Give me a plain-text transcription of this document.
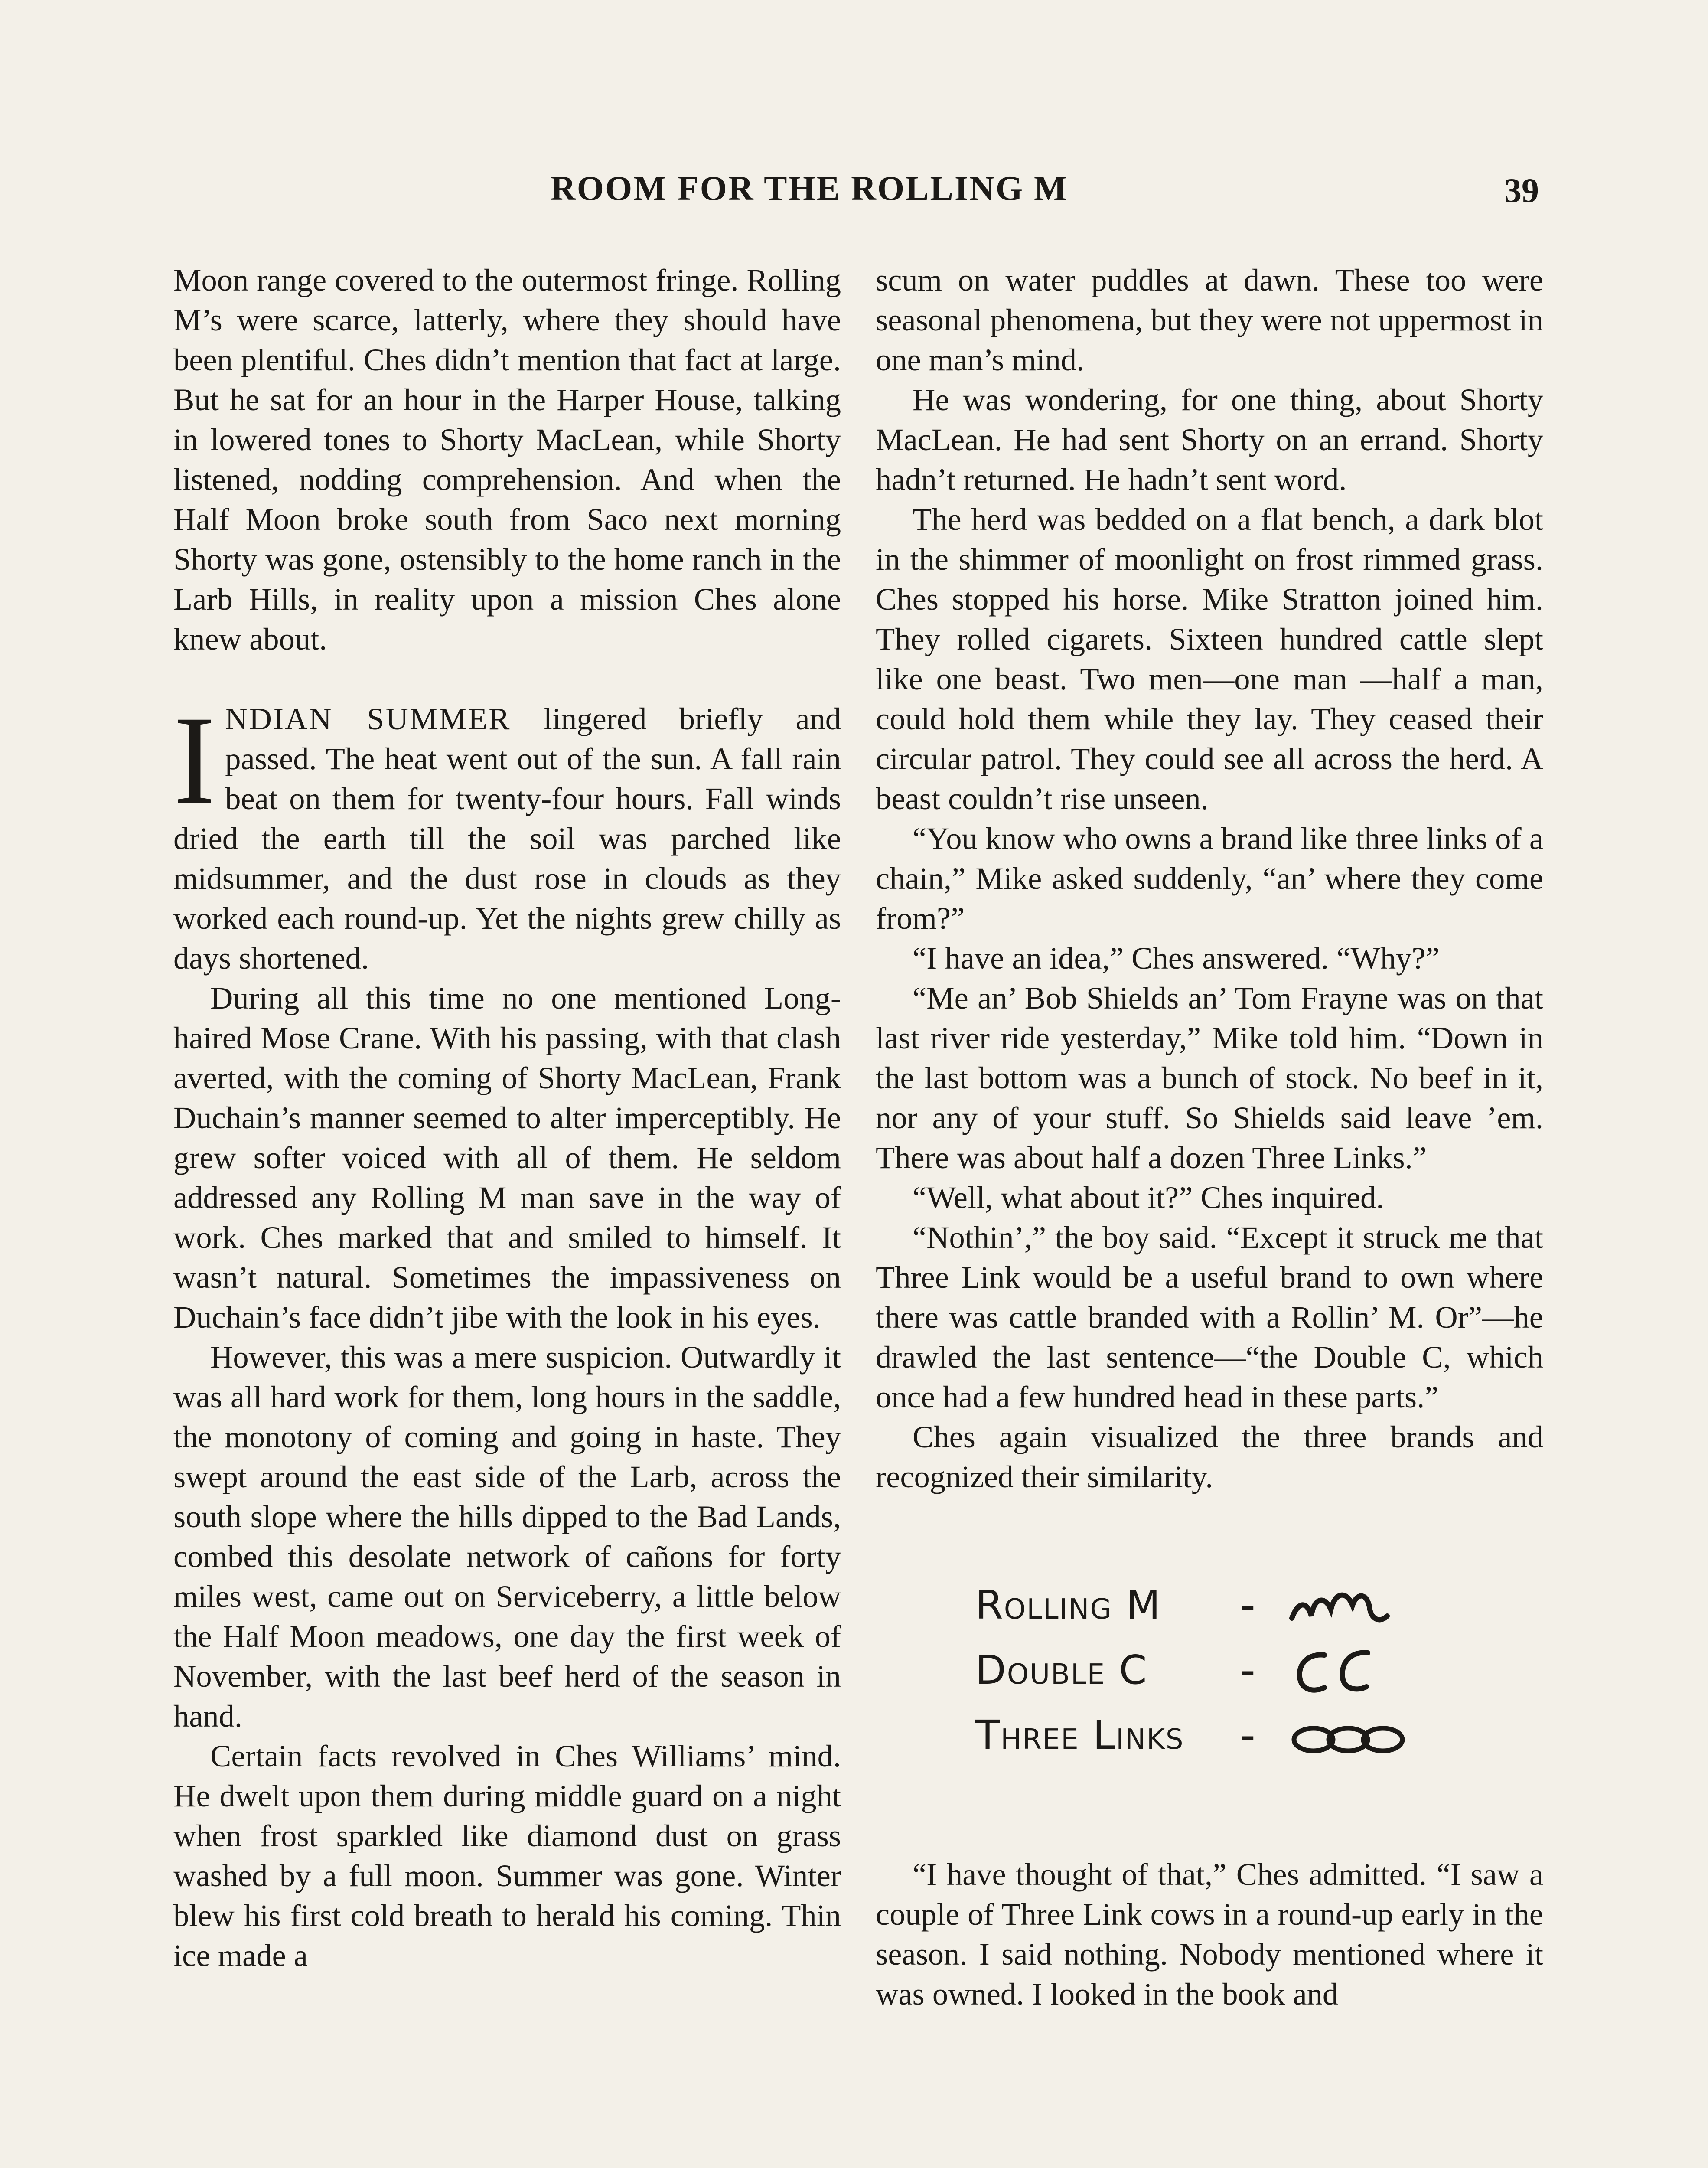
ROOM FOR THE ROLLING M	39

Moon range covered to the outermost fringe. Rolling M’s were scarce, latterly, where they should have been plentiful. Ches didn’t mention that fact at large. But he sat for an hour in the Harper House, talking in lowered tones to Shorty MacLean, while Shorty listened, nodding comprehension. And when the Half Moon broke south from Saco next morning Shorty was gone, ostensibly to the home ranch in the Larb Hills, in reality upon a mission Ches alone knew about.

INDIAN SUMMER lingered briefly and passed. The heat went out of the sun. A fall rain beat on them for twenty-four hours. Fall winds dried the earth till the soil was parched like midsummer, and the dust rose in clouds as they worked each round-up. Yet the nights grew chilly as days shortened.

During all this time no one mentioned Long-haired Mose Crane. With his passing, with that clash averted, with the coming of Shorty MacLean, Frank Duchain’s manner seemed to alter imperceptibly. He grew softer voiced with all of them. He seldom addressed any Rolling M man save in the way of work. Ches marked that and smiled to himself. It wasn’t natural. Sometimes the impassiveness on Duchain’s face didn’t jibe with the look in his eyes.

However, this was a mere suspicion. Outwardly it was all hard work for them, long hours in the saddle, the monotony of coming and going in haste. They swept around the east side of the Larb, across the south slope where the hills dipped to the Bad Lands, combed this desolate network of cañons for forty miles west, came out on Serviceberry, a little below the Half Moon meadows, one day the first week of November, with the last beef herd of the season in hand.

Certain facts revolved in Ches Williams’ mind. He dwelt upon them during middle guard on a night when frost sparkled like diamond dust on grass washed by a full moon. Summer was gone. Winter blew his first cold breath to herald his coming. Thin ice made a

scum on water puddles at dawn. These too were seasonal phenomena, but they were not uppermost in one man’s mind.

He was wondering, for one thing, about Shorty MacLean. He had sent Shorty on an errand. Shorty hadn’t returned. He hadn’t sent word.

The herd was bedded on a flat bench, a dark blot in the shimmer of moonlight on frost rimmed grass. Ches stopped his horse. Mike Stratton joined him. They rolled cigarets. Sixteen hundred cattle slept like one beast. Two men—one man —half a man, could hold them while they lay. They ceased their circular patrol. They could see all across the herd. A beast couldn’t rise unseen.

“You know who owns a brand like three links of a chain,” Mike asked suddenly, “an’ where they come from?”

“I have an idea,” Ches answered. “Why?”

“Me an’ Bob Shields an’ Tom Frayne was on that last river ride yesterday,” Mike told him. “Down in the last bottom was a bunch of stock. No beef in it, nor any of your stuff. So Shields said leave ’em. There was about half a dozen Three Links.”

“Well, what about it?” Ches inquired.

“Nothin’,” the boy said. “Except it struck me that Three Link would be a useful brand to own where there was cattle branded with a Rollin’ M. Or”—he drawled the last sentence—“the Double C, which once had a few hundred head in these parts.”

Ches again visualized the three brands and recognized their similarity.

Rolling M	-
Double C	-
Three Links	-

“I have thought of that,” Ches admitted. “I saw a couple of Three Link cows in a round-up early in the season. I said nothing. Nobody mentioned where it was owned. I looked in the book and
